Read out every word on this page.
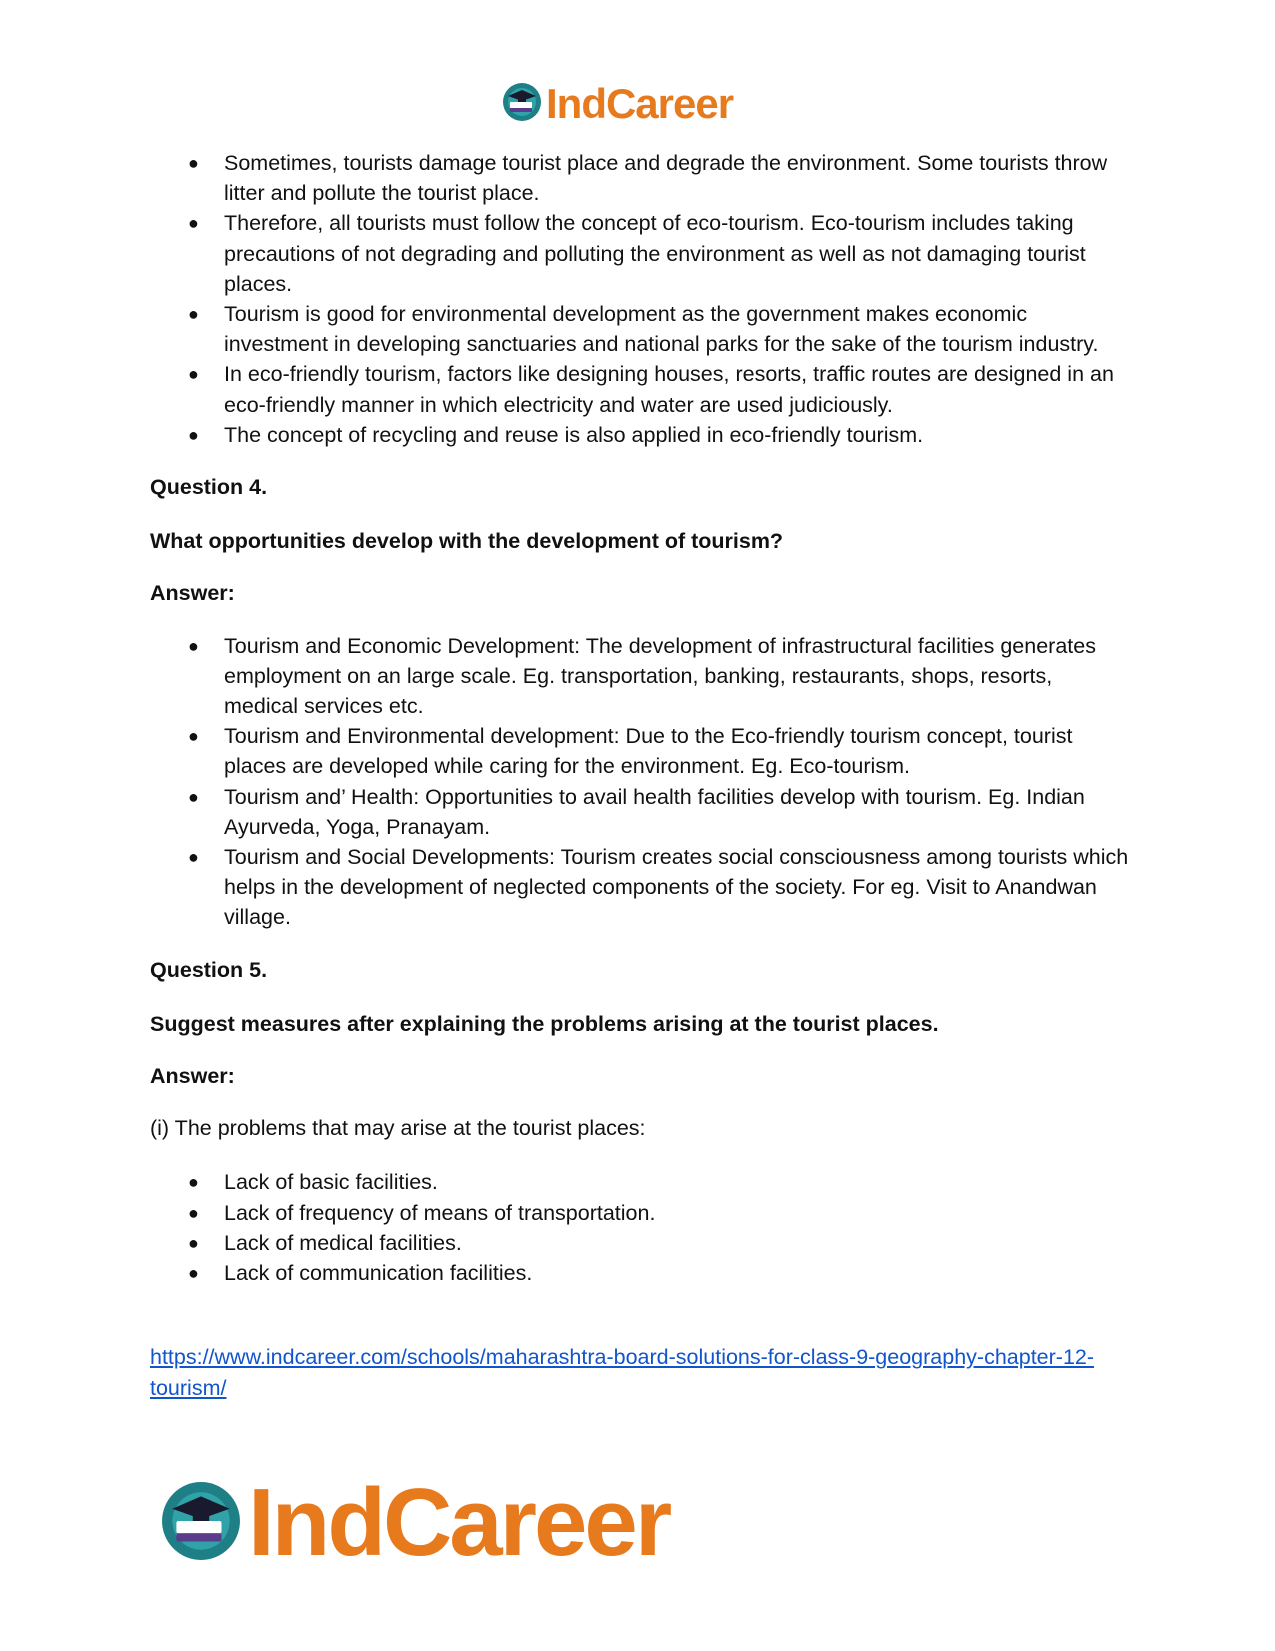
IndCareer
● Sometimes, tourists damage tourist place and degrade the environment. Some tourists throw litter and pollute the tourist place.
● Therefore, all tourists must follow the concept of eco-tourism. Eco-tourism includes taking precautions of not degrading and polluting the environment as well as not damaging tourist places.
● Tourism is good for environmental development as the government makes economic investment in developing sanctuaries and national parks for the sake of the tourism industry.
● In eco-friendly tourism, factors like designing houses, resorts, traffic routes are designed in an eco-friendly manner in which electricity and water are used judiciously.
● The concept of recycling and reuse is also applied in eco-friendly tourism.

Question 4.

What opportunities develop with the development of tourism?

Answer:

● Tourism and Economic Development: The development of infrastructural facilities generates employment on an large scale. Eg. transportation, banking, restaurants, shops, resorts, medical services etc.
● Tourism and Environmental development: Due to the Eco-friendly tourism concept, tourist places are developed while caring for the environment. Eg. Eco-tourism.
● Tourism and’ Health: Opportunities to avail health facilities develop with tourism. Eg. Indian Ayurveda, Yoga, Pranayam.
● Tourism and Social Developments: Tourism creates social consciousness among tourists which helps in the development of neglected components of the society. For eg. Visit to Anandwan village.

Question 5.

Suggest measures after explaining the problems arising at the tourist places.

Answer:

(i) The problems that may arise at the tourist places:

● Lack of basic facilities.
● Lack of frequency of means of transportation.
● Lack of medical facilities.
● Lack of communication facilities.
https://www.indcareer.com/schools/maharashtra-board-solutions-for-class-9-geography-chapter-12-tourism/
IndCareer
